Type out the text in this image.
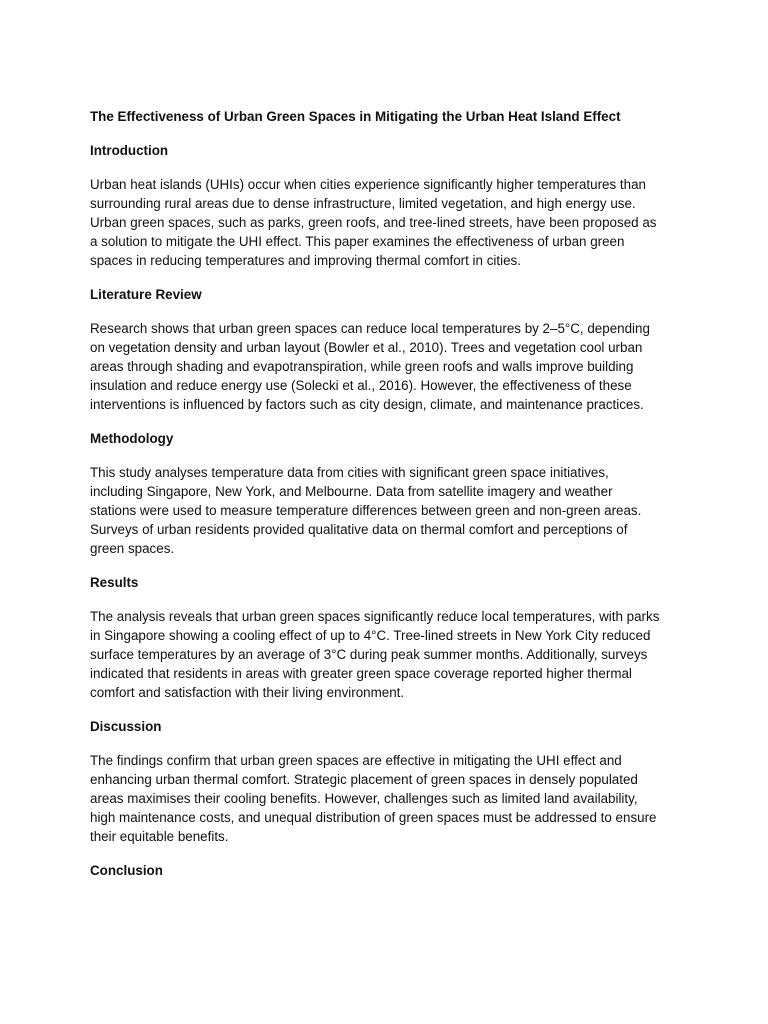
The Effectiveness of Urban Green Spaces in Mitigating the Urban Heat Island Effect
Introduction
Urban heat islands (UHIs) occur when cities experience significantly higher temperatures than
surrounding rural areas due to dense infrastructure, limited vegetation, and high energy use.
Urban green spaces, such as parks, green roofs, and tree-lined streets, have been proposed as
a solution to mitigate the UHI effect. This paper examines the effectiveness of urban green
spaces in reducing temperatures and improving thermal comfort in cities.
Literature Review
Research shows that urban green spaces can reduce local temperatures by 2–5°C, depending
on vegetation density and urban layout (Bowler et al., 2010). Trees and vegetation cool urban
areas through shading and evapotranspiration, while green roofs and walls improve building
insulation and reduce energy use (Solecki et al., 2016). However, the effectiveness of these
interventions is influenced by factors such as city design, climate, and maintenance practices.
Methodology
This study analyses temperature data from cities with significant green space initiatives,
including Singapore, New York, and Melbourne. Data from satellite imagery and weather
stations were used to measure temperature differences between green and non-green areas.
Surveys of urban residents provided qualitative data on thermal comfort and perceptions of
green spaces.
Results
The analysis reveals that urban green spaces significantly reduce local temperatures, with parks
in Singapore showing a cooling effect of up to 4°C. Tree-lined streets in New York City reduced
surface temperatures by an average of 3°C during peak summer months. Additionally, surveys
indicated that residents in areas with greater green space coverage reported higher thermal
comfort and satisfaction with their living environment.
Discussion
The findings confirm that urban green spaces are effective in mitigating the UHI effect and
enhancing urban thermal comfort. Strategic placement of green spaces in densely populated
areas maximises their cooling benefits. However, challenges such as limited land availability,
high maintenance costs, and unequal distribution of green spaces must be addressed to ensure
their equitable benefits.
Conclusion
